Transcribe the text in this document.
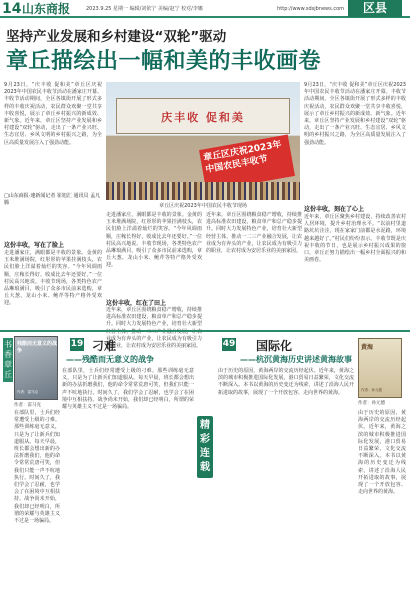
14 山东商报	2023.9.25 星期一 编辑/刘依宁 美编/赵宁 校对/李娜	http://www.sdsjbnews.com	区县
坚持产业发展和乡村建设“双轮”驱动
章丘描绘出一幅和美的丰收画卷
9月23日，“庆丰收 促和美”章丘区庆祝2023年中国农民丰收节活动在潘家庄开幕。丰收节活动期间，全区各镇街开展了形式多样的丰收庆祝活动，农民群众欢聚一堂共享丰收喜悦，展示了章丘乡村振兴的新成效、新气象。近年来，章丘区坚持产业发展和乡村建设“双轮”驱动，走出了一条产业兴旺、生态宜居、乡风文明的乡村振兴之路，为全区高质量发展注入了强劲动能。
□山东商报·速新闻记者 崔旭汇 通讯员 孟凡腾
这份丰收，写在了脸上
走进潘家庄，满眼都是丰收的景象。金黄的玉米堆满场院，红彤彤的苹果挂满枝头，农民们脸上洋溢着灿烂的笑容。“今年风调雨顺，庄稼长得好，收成比去年还要好。”一位村民高兴地说。丰收节现场，各类特色农产品琳琅满目，吸引了众多市民前来选购，章丘大葱、龙山小米、鲍芹等特产格外受欢迎。
庆丰收 促和美
章丘区庆祝2023年中国农民丰收节
章丘区庆祝2023年中国农民丰收节现场
走进潘家庄，满眼都是丰收的景象。金黄的玉米堆满场院，红彤彤的苹果挂满枝头，农民们脸上洋溢着灿烂的笑容。“今年风调雨顺，庄稼长得好，收成比去年还要好。”一位村民高兴地说。丰收节现场，各类特色农产品琳琅满目，吸引了众多市民前来选购，章丘大葱、龙山小米、鲍芹等特产格外受欢迎。
这份丰收，红在了田上
近年来，章丘区围绕粮食稳产增收，持续推进高标准农田建设，粮食单产和总产稳步提升。同时大力发展特色产业，培育壮大新型 业成为有奔头的产业，让农民成为有吸引力的职业，让农村成为安居乐业的美丽家园。
近年来，章丘区围绕粮食稳产增收，持续推进高标准农田建设，粮食单产和总产稳步提升。同时大力发展特色产业，培育壮大新型经营主体，推动一二三产业融合发展，让农业成为有奔头的产业，让农民成为有吸引力的职业，让农村成为安居乐业的美丽家园。
9月23日，“庆丰收 促和美”章丘区庆祝2023年中国农民丰收节活动在潘家庄开幕。丰收节活动期间，全区各镇街开展了形式多样的丰收庆祝活动，农民群众欢聚一堂共享丰收喜悦，展示了章丘乡村振兴的新成效、新气象。近年来，章丘区坚持产业发展和乡村建设“双轮”驱动，走出了一条产业兴旺、生态宜居、乡风文明的乡村振兴之路，为全区高质量发展注入了强劲动能。
这份丰收，刻在了心上
近年来，章丘区聚焦乡村建设，持续改善农村人居环境，提升乡村治理水平。“以前村里道路坑坑洼洼，现在家家门前都是水泥路，环境越来越好了。”村民们纷纷表示。丰收节既是庆祝丰收的节日，也是展示乡村振兴成果的窗口，章丘正努力描绘出一幅乡村全面振兴的和美画卷。
书香章丘
残酷而无意义的战争
作者：雷马克
作者：雷马克
19 刁难
——残酷而无意义的战争
在部队里，士兵们经常遭受上级的刁难。那些训练毫无意义，只是为了让新兵们知道服从。每天早晨，班长都会想出新的办法折磨我们，他的命令常常荒唐可笑，但我们只能一声不吭地执行。时间久了，我们学会了忍耐，也学会了在困境中互相扶持。战争尚未开始，我们却已经明白，所谓的荣耀与英雄主义不过是一场骗局。
在部队里，士兵们经常遭受上级的刁难。那些训练毫无意义，只是为了让新兵们知道服从。每天早晨，班长都会想出新的办法折磨我们，他的命令常常荒唐可笑，但我们只能一声不吭地执行。时间久了，我们学会了忍耐，也学会了在困境中互相扶持。战争尚未开始，我们却已经明白，所谓的荣耀与英雄主义不过是一场骗局。
精彩连载
49 国际化
——杭沉黄海历史讲述黄海故事
由于历史的原因，黄海两岸的交流历经起伏。近年来，黄海之滨的城市积极推进国际化发展，港口贸易日益繁荣，文化交流不断深入。本书以黄海的历史变迁为线索，讲述了沿海人民开拓进取的故事，展现了一个开放包容、走向世界的黄海。
黄海
作者：孙元德
作者：孙元德
由于历史的原因，黄海两岸的交流历经起伏。近年来，黄海之滨的城市积极推进国际化发展，港口贸易日益繁荣，文化交流不断深入。本书以黄海的历史变迁为线索，讲述了沿海人民开拓进取的故事，展现了一个开放包容、走向世界的黄海。
